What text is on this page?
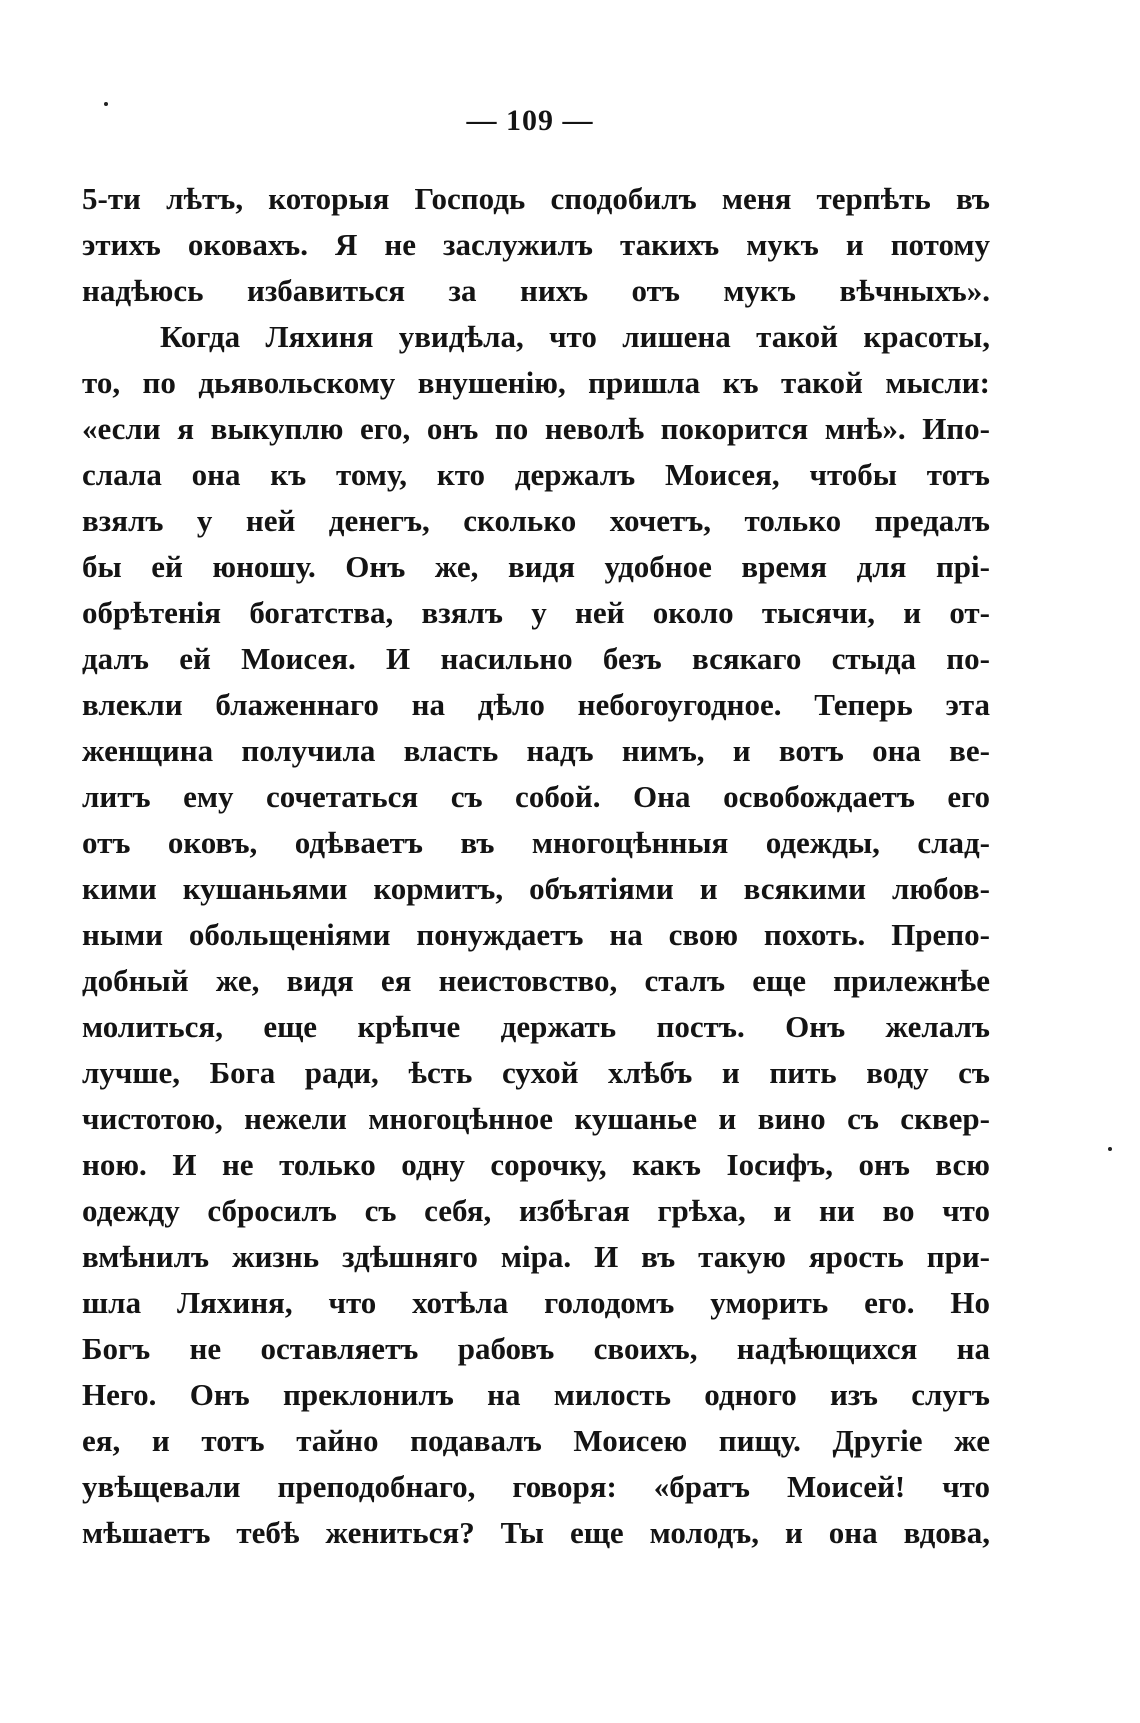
— 109 —
5-ти лѣтъ, которыя Господь сподобилъ меня терпѣть въ
этихъ оковахъ. Я не заслужилъ такихъ мукъ и потому
надѣюсь избавиться за нихъ отъ мукъ вѣчныхъ».
Когда Ляхиня увидѣла, что лишена такой красоты,
то, по дьявольскому внушенію, пришла къ такой мысли:
«если я выкуплю его, онъ по неволѣ покорится мнѣ». Ипо-
слала она къ тому, кто держалъ Моисея, чтобы тотъ
взялъ у ней денегъ, сколько хочетъ, только предалъ
бы ей юношу. Онъ же, видя удобное время для прі-
обрѣтенія богатства, взялъ у ней около тысячи, и от-
далъ ей Моисея. И насильно безъ всякаго стыда по-
влекли блаженнаго на дѣло небогоугодное. Теперь эта
женщина получила власть надъ нимъ, и вотъ она ве-
литъ ему сочетаться съ собой. Она освобождаетъ его
отъ оковъ, одѣваетъ въ многоцѣнныя одежды, слад-
кими кушаньями кормитъ, объятіями и всякими любов-
ными обольщеніями понуждаетъ на свою похоть. Препо-
добный же, видя ея неистовство, сталъ еще прилежнѣе
молиться, еще крѣпче держать постъ. Онъ желалъ
лучше, Бога ради, ѣсть сухой хлѣбъ и пить воду съ
чистотою, нежели многоцѣнное кушанье и вино съ сквер-
ною. И не только одну сорочку, какъ Іосифъ, онъ всю
одежду сбросилъ съ себя, избѣгая грѣха, и ни во что
вмѣнилъ жизнь здѣшняго міра. И въ такую ярость при-
шла Ляхиня, что хотѣла голодомъ уморить его. Но
Богъ не оставляетъ рабовъ своихъ, надѣющихся на
Него. Онъ преклонилъ на милость одного изъ слугъ
ея, и тотъ тайно подавалъ Моисею пищу. Другіе же
увѣщевали преподобнаго, говоря: «братъ Моисей! что
мѣшаетъ тебѣ жениться? Ты еще молодъ, и она вдова,
